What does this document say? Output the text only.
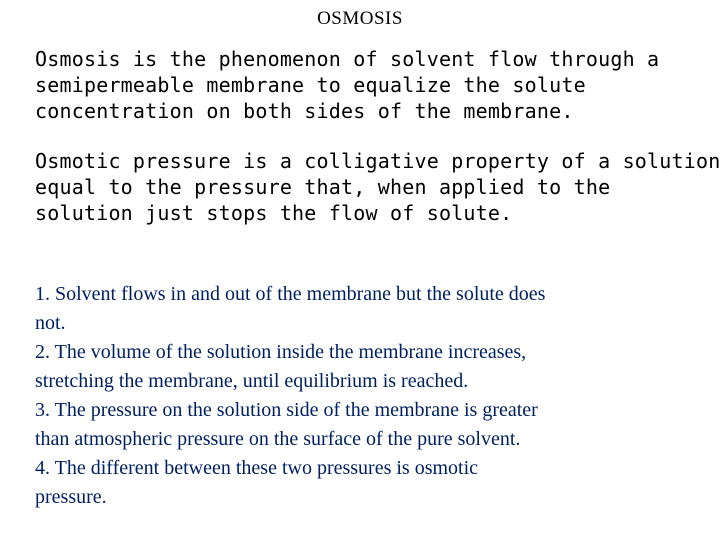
OSMOSIS

Osmosis is the phenomenon of solvent flow through a
semipermeable membrane to equalize the solute
concentration on both sides of the membrane.

Osmotic pressure is a colligative property of a solution
equal to the pressure that, when applied to the
solution just stops the flow of solute.

1. Solvent flows in and out of the membrane but the solute does
not.
2. The volume of the solution inside the membrane increases,
stretching the membrane, until equilibrium is reached.
3. The pressure on the solution side of the membrane is greater
than atmospheric pressure on the surface of the pure solvent.
4. The different between these two pressures is osmotic
pressure.
